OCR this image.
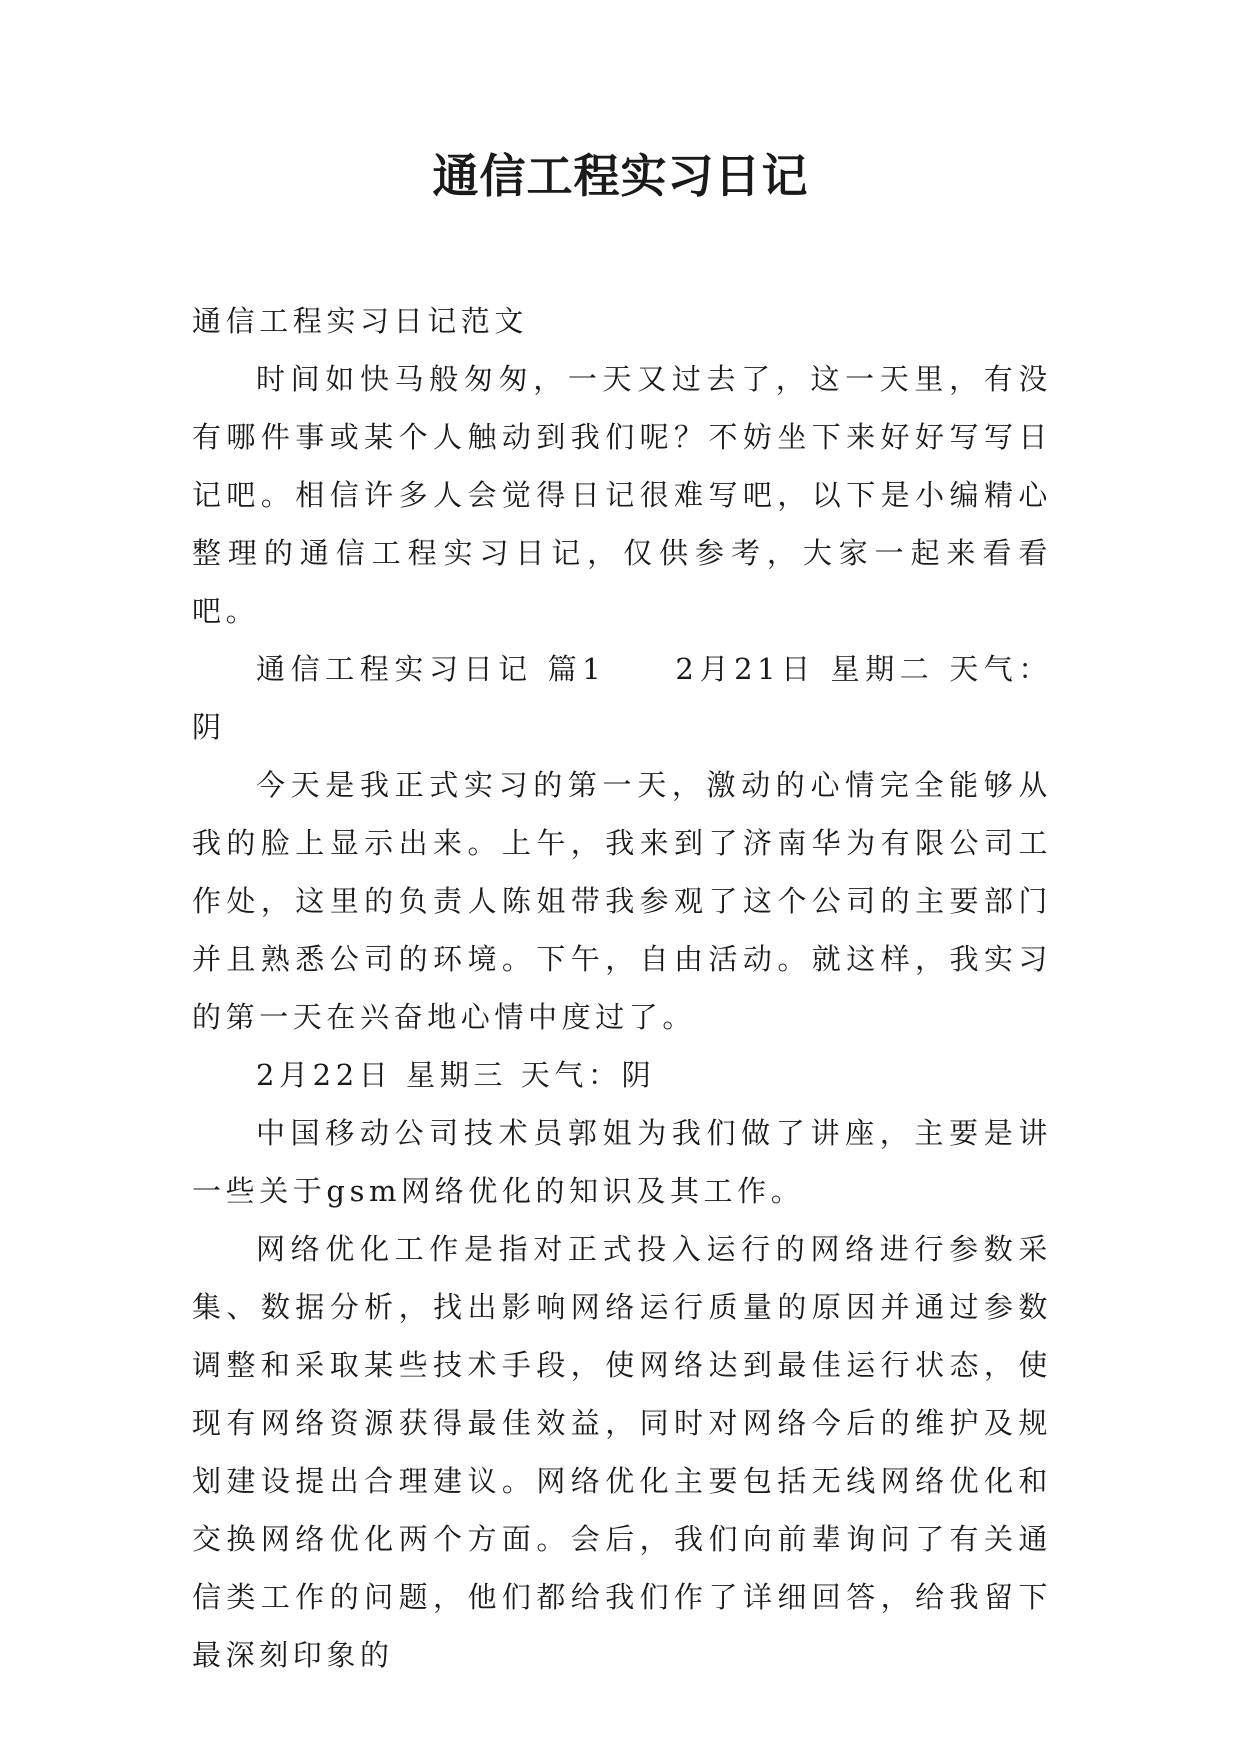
通信工程实习日记

通信工程实习日记范文

时间如快马般匆匆，一天又过去了，这一天里，有没有哪件事或某个人触动到我们呢？不妨坐下来好好写写日记吧。相信许多人会觉得日记很难写吧，以下是小编精心整理的通信工程实习日记，仅供参考，大家一起来看看吧。

通信工程实习日记 篇1　　2月21日 星期二 天气：阴

今天是我正式实习的第一天，激动的心情完全能够从我的脸上显示出来。上午，我来到了济南华为有限公司工作处，这里的负责人陈姐带我参观了这个公司的主要部门并且熟悉公司的环境。下午，自由活动。就这样，我实习的第一天在兴奋地心情中度过了。

2月22日 星期三 天气：阴

中国移动公司技术员郭姐为我们做了讲座，主要是讲一些关于gsm网络优化的知识及其工作。

网络优化工作是指对正式投入运行的网络进行参数采集、数据分析，找出影响网络运行质量的原因并通过参数调整和采取某些技术手段，使网络达到最佳运行状态，使现有网络资源获得最佳效益，同时对网络今后的维护及规划建设提出合理建议。网络优化主要包括无线网络优化和交换网络优化两个方面。会后，我们向前辈询问了有关通信类工作的问题，他们都给我们作了详细回答，给我留下最深刻印象的
